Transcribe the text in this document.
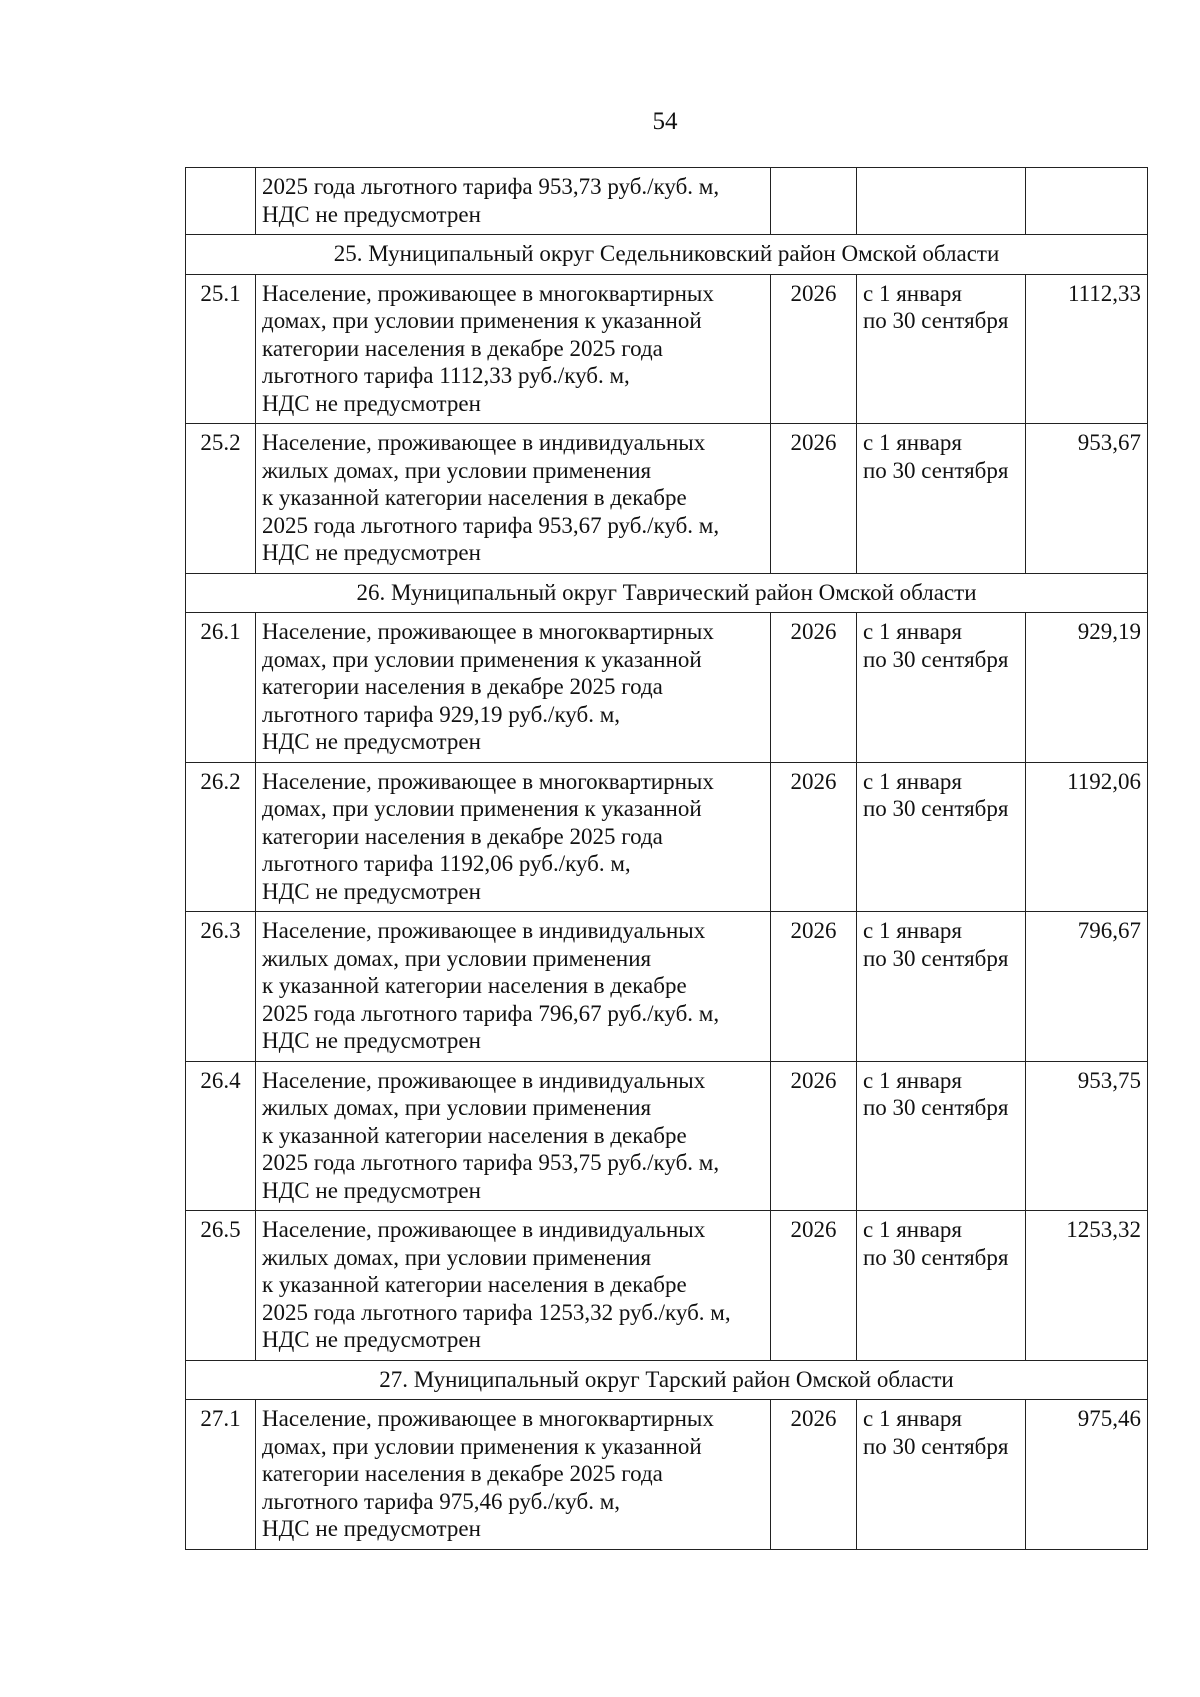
54

	2025 года льготного тарифа 953,73 руб./куб. м,
НДС не предусмотрен			

25. Муниципальный округ Седельниковский район Омской области				
25.1	Население, проживающее в многоквартирных
домах, при условии применения к указанной
категории населения в декабре 2025 года
льготного тарифа 1112,33 руб./куб. м,
НДС не предусмотрен	2026	с 1 января
по 30 сентября	1112,33
25.2	Население, проживающее в индивидуальных
жилых домах, при условии применения
к указанной категории населения в декабре
2025 года льготного тарифа 953,67 руб./куб. м,
НДС не предусмотрен	2026	с 1 января
по 30 сентября	953,67
26. Муниципальный округ Таврический район Омской области				
26.1	Население, проживающее в многоквартирных
домах, при условии применения к указанной
категории населения в декабре 2025 года
льготного тарифа 929,19 руб./куб. м,
НДС не предусмотрен	2026	с 1 января
по 30 сентября	929,19
26.2	Население, проживающее в многоквартирных
домах, при условии применения к указанной
категории населения в декабре 2025 года
льготного тарифа 1192,06 руб./куб. м,
НДС не предусмотрен	2026	с 1 января
по 30 сентября	1192,06
26.3	Население, проживающее в индивидуальных
жилых домах, при условии применения
к указанной категории населения в декабре
2025 года льготного тарифа 796,67 руб./куб. м,
НДС не предусмотрен	2026	с 1 января
по 30 сентября	796,67
26.4	Население, проживающее в индивидуальных
жилых домах, при условии применения
к указанной категории населения в декабре
2025 года льготного тарифа 953,75 руб./куб. м,
НДС не предусмотрен	2026	с 1 января
по 30 сентября	953,75
26.5	Население, проживающее в индивидуальных
жилых домах, при условии применения
к указанной категории населения в декабре
2025 года льготного тарифа 1253,32 руб./куб. м,
НДС не предусмотрен	2026	с 1 января
по 30 сентября	1253,32
27. Муниципальный округ Тарский район Омской области				
27.1	Население, проживающее в многоквартирных
домах, при условии применения к указанной
категории населения в декабре 2025 года
льготного тарифа 975,46 руб./куб. м,
НДС не предусмотрен	2026	с 1 января
по 30 сентября	975,46
